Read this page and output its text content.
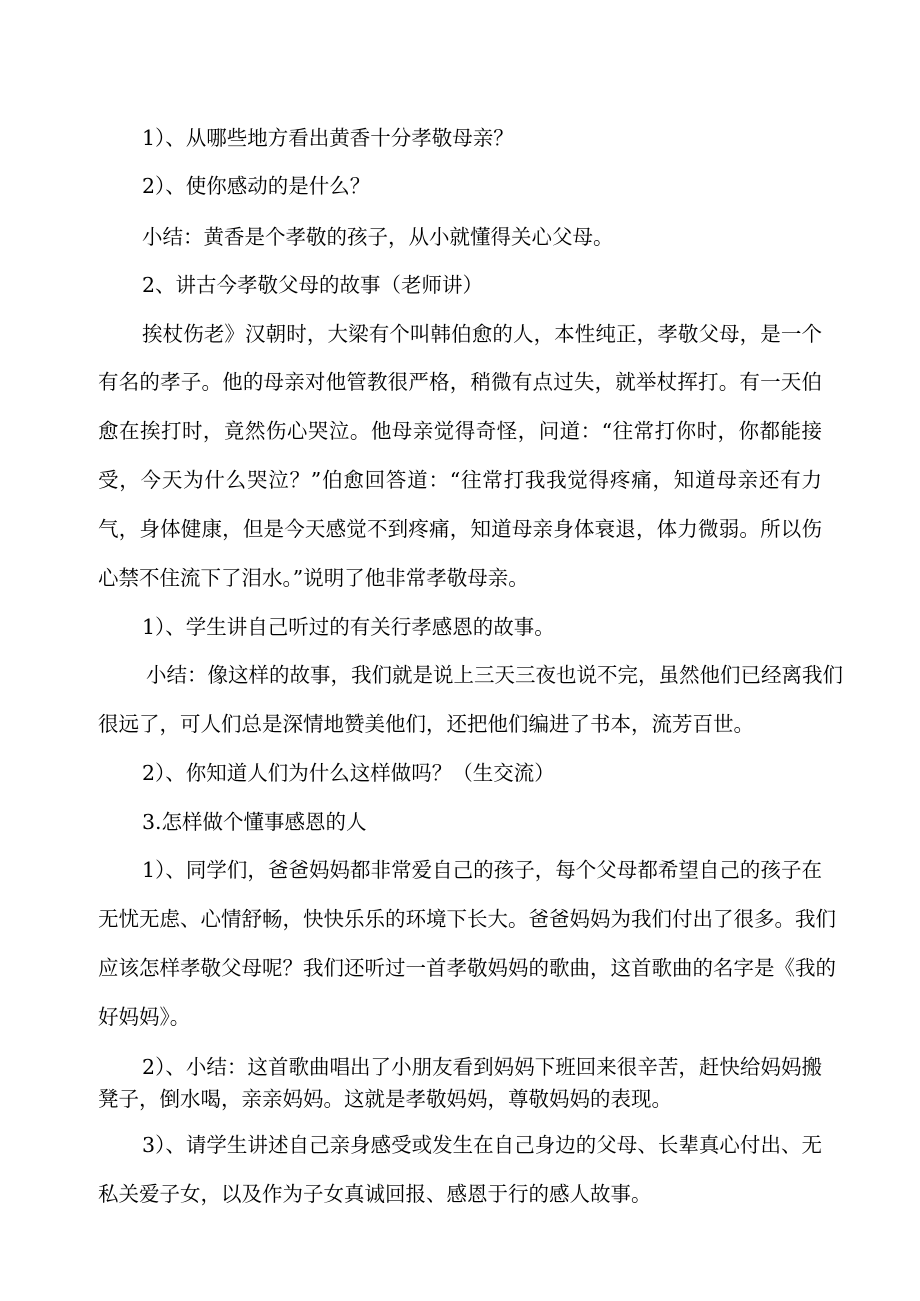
1）、从哪些地方看出黄香十分孝敬母亲？

2）、使你感动的是什么？

小结：黄香是个孝敬的孩子，从小就懂得关心父母。

2、讲古今孝敬父母的故事（老师讲）

挨杖伤老》汉朝时，大梁有个叫韩伯愈的人，本性纯正，孝敬父母，是一个

有名的孝子。他的母亲对他管教很严格，稍微有点过失，就举杖挥打。有一天伯

愈在挨打时，竟然伤心哭泣。他母亲觉得奇怪，问道：“往常打你时，你都能接

受，今天为什么哭泣？”伯愈回答道：“往常打我我觉得疼痛，知道母亲还有力

气，身体健康，但是今天感觉不到疼痛，知道母亲身体衰退，体力微弱。所以伤

心禁不住流下了泪水。”说明了他非常孝敬母亲。

1）、学生讲自己听过的有关行孝感恩的故事。

小结：像这样的故事，我们就是说上三天三夜也说不完，虽然他们已经离我们

很远了，可人们总是深情地赞美他们，还把他们编进了书本，流芳百世。

2）、你知道人们为什么这样做吗？（生交流）

3.怎样做个懂事感恩的人

1）、同学们，爸爸妈妈都非常爱自己的孩子，每个父母都希望自己的孩子在

无忧无虑、心情舒畅，快快乐乐的环境下长大。爸爸妈妈为我们付出了很多。我们

应该怎样孝敬父母呢？我们还听过一首孝敬妈妈的歌曲，这首歌曲的名字是《我的

好妈妈》。

2）、小结：这首歌曲唱出了小朋友看到妈妈下班回来很辛苦，赶快给妈妈搬

凳子，倒水喝，亲亲妈妈。这就是孝敬妈妈，尊敬妈妈的表现。

3）、请学生讲述自己亲身感受或发生在自己身边的父母、长辈真心付出、无

私关爱子女，以及作为子女真诚回报、感恩于行的感人故事。
